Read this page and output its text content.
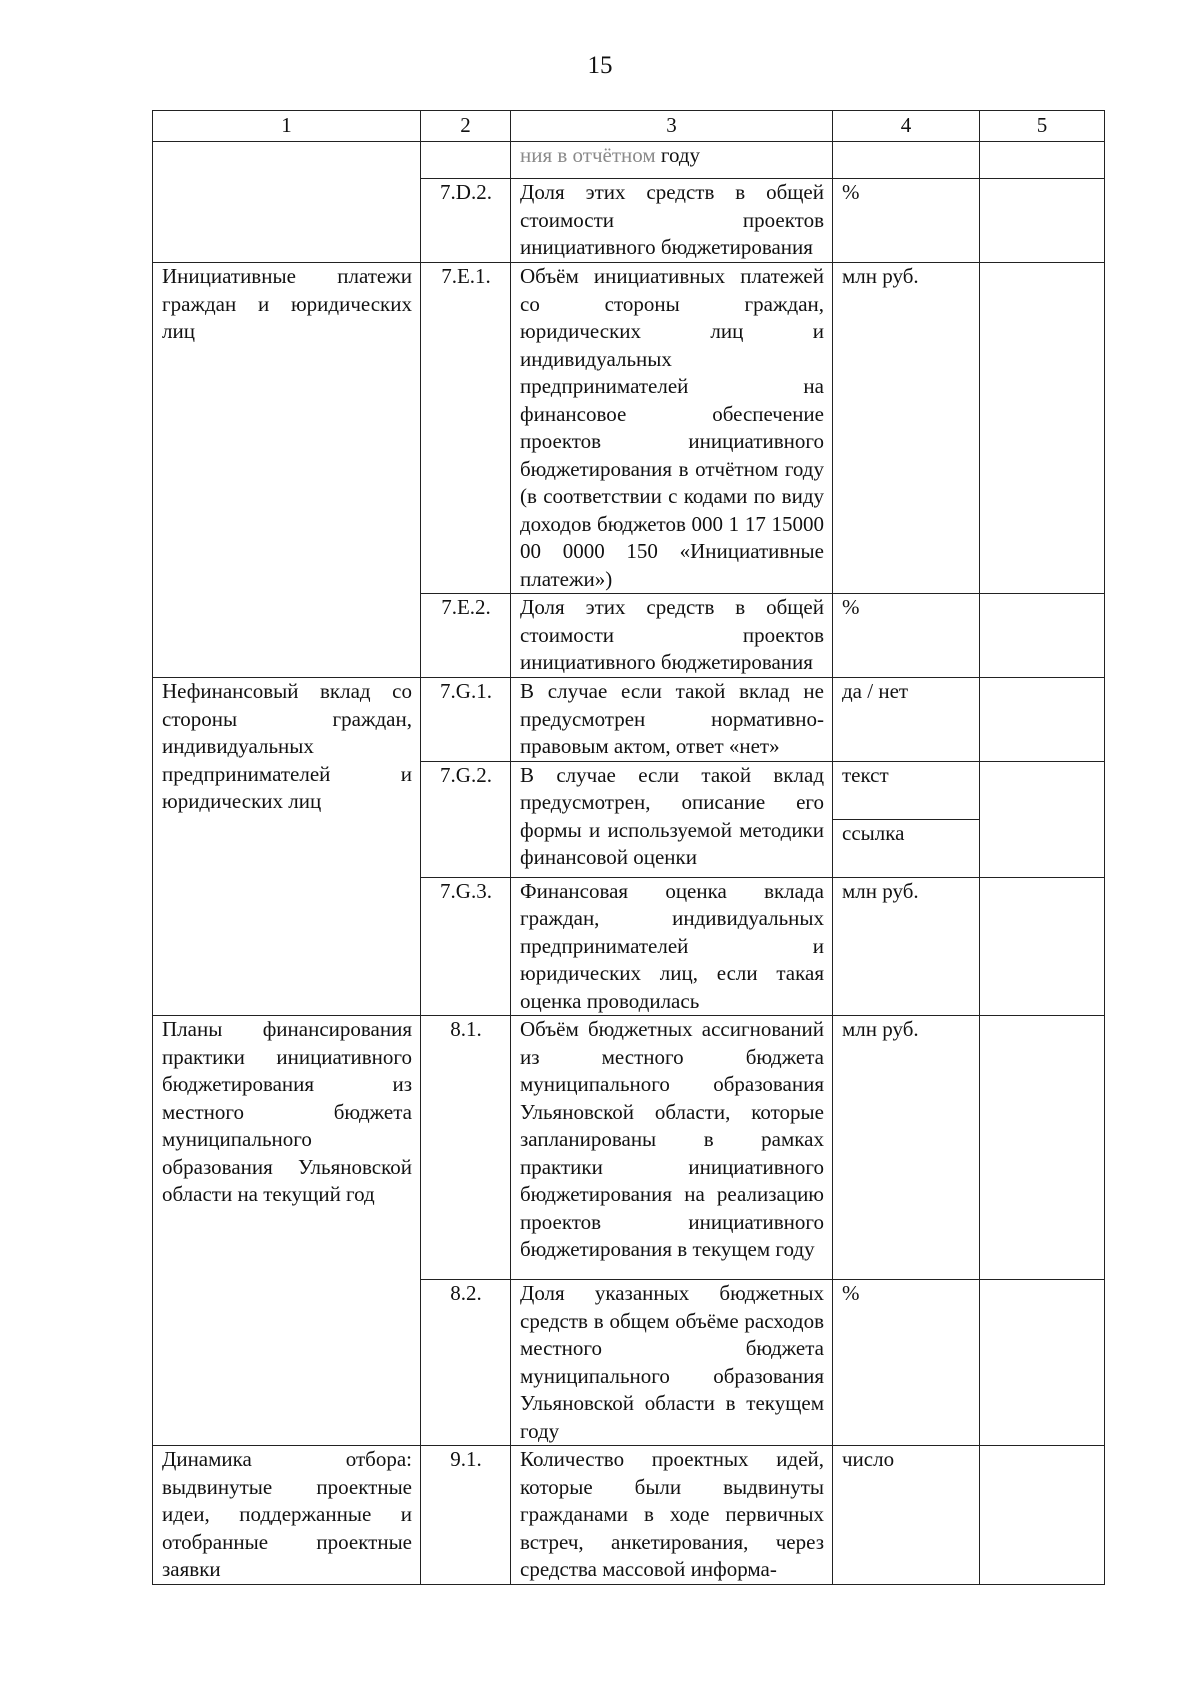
15
1	2	3	4	5
		ния в отчётном году		
	7.D.2.	Доля этих средств в общей стоимости проектов инициативного бюджетирования	%	
Инициативные платежи граждан и юридических лиц	7.E.1.	Объём инициативных платежей со стороны граждан, юридических лиц и индивидуальных предпринимателей на финансовое обеспечение проектов инициативного бюджетирования в отчётном году (в соответствии с кодами по виду доходов бюджетов 000 1 17 15000 00 0000 150 «Инициативные платежи»)	млн руб.	
	7.E.2.	Доля этих средств в общей стоимости проектов инициативного бюджетирования	%	
Нефинансовый вклад со стороны граждан, индивидуальных предпринимателей и юридических лиц	7.G.1.	В случае если такой вклад не предусмотрен нормативно-правовым актом, ответ «нет»	да / нет	
	7.G.2.	В случае если такой вклад предусмотрен, описание его формы и используемой методики финансовой оценки	текст	
			ссылка	
	7.G.3.	Финансовая оценка вклада граждан, индивидуальных предпринимателей и юридических лиц, если такая оценка проводилась	млн руб.	
Планы финансирования практики инициативного бюджетирования из местного бюджета муниципального образования Ульяновской области на текущий год	8.1.	Объём бюджетных ассигнований из местного бюджета муниципального образования Ульяновской области, которые запланированы в рамках практики инициативного бюджетирования на реализацию проектов инициативного бюджетирования в текущем году	млн руб.	
	8.2.	Доля указанных бюджетных средств в общем объёме расходов местного бюджета муниципального образования Ульяновской области в текущем году	%	
Динамика отбора: выдвинутые проектные идеи, поддержанные и отобранные проектные заявки	9.1.	Количество проектных идей, которые были выдвинуты гражданами в ходе первичных встреч, анкетирования, через средства массовой информа-	число	
